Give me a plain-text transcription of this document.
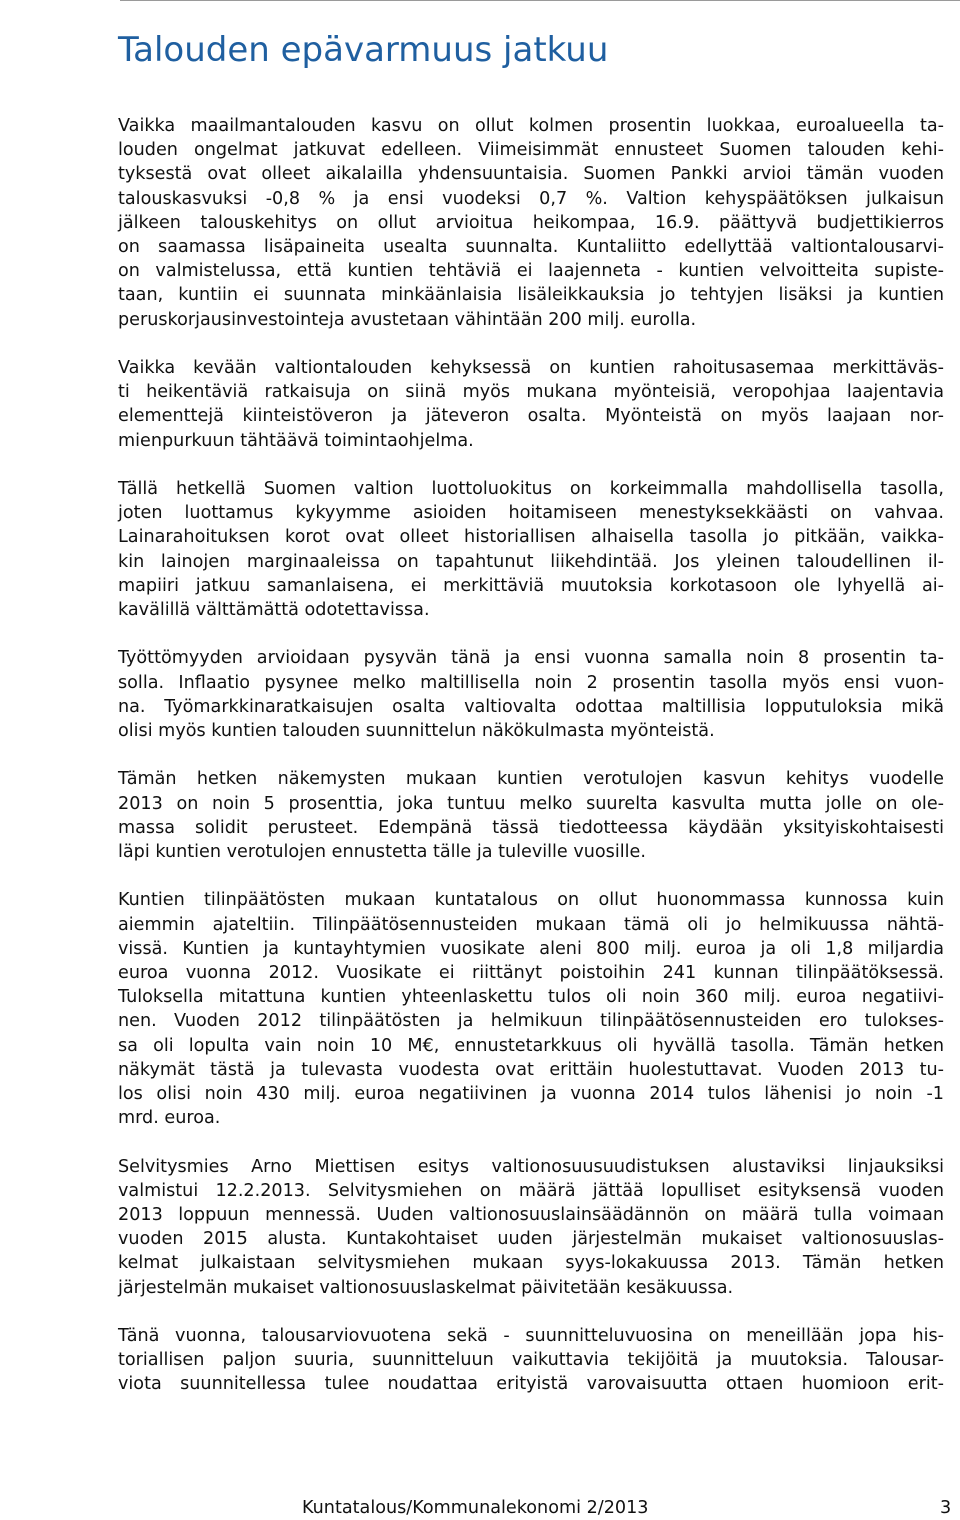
Talouden epävarmuus jatkuu

Vaikka maailmantalouden kasvu on ollut kolmen prosentin luokkaa, euroalueella ta-
louden ongelmat jatkuvat edelleen. Viimeisimmät ennusteet Suomen talouden kehi-
tyksestä ovat olleet aikalailla yhdensuuntaisia. Suomen Pankki arvioi tämän vuoden
talouskasvuksi -0,8 % ja ensi vuodeksi 0,7 %. Valtion kehyspäätöksen julkaisun
jälkeen talouskehitys on ollut arvioitua heikompaa, 16.9. päättyvä budjettikierros
on saamassa lisäpaineita usealta suunnalta. Kuntaliitto edellyttää valtiontalousarvi-
on valmistelussa, että kuntien tehtäviä ei laajenneta - kuntien velvoitteita supiste-
taan, kuntiin ei suunnata minkäänlaisia lisäleikkauksia jo tehtyjen lisäksi ja kuntien
peruskorjausinvestointeja avustetaan vähintään 200 milj. eurolla.

Vaikka kevään valtiontalouden kehyksessä on kuntien rahoitusasemaa merkittäväs-
ti heikentäviä ratkaisuja on siinä myös mukana myönteisiä, veropohjaa laajentavia
elementtejä kiinteistöveron ja jäteveron osalta. Myönteistä on myös laajaan nor-
mienpurkuun tähtäävä toimintaohjelma.

Tällä hetkellä Suomen valtion luottoluokitus on korkeimmalla mahdollisella tasolla,
joten luottamus kykyymme asioiden hoitamiseen menestyksekkäästi on vahvaa.
Lainarahoituksen korot ovat olleet historiallisen alhaisella tasolla jo pitkään, vaikka-
kin lainojen marginaaleissa on tapahtunut liikehdintää. Jos yleinen taloudellinen il-
mapiiri jatkuu samanlaisena, ei merkittäviä muutoksia korkotasoon ole lyhyellä ai-
kavälillä välttämättä odotettavissa.

Työttömyyden arvioidaan pysyvän tänä ja ensi vuonna samalla noin 8 prosentin ta-
solla. Inflaatio pysynee melko maltillisella noin 2 prosentin tasolla myös ensi vuon-
na. Työmarkkinaratkaisujen osalta valtiovalta odottaa maltillisia lopputuloksia mikä
olisi myös kuntien talouden suunnittelun näkökulmasta myönteistä.

Tämän hetken näkemysten mukaan kuntien verotulojen kasvun kehitys vuodelle
2013 on noin 5 prosenttia, joka tuntuu melko suurelta kasvulta mutta jolle on ole-
massa solidit perusteet. Edempänä tässä tiedotteessa käydään yksityiskohtaisesti
läpi kuntien verotulojen ennustetta tälle ja tuleville vuosille.

Kuntien tilinpäätösten mukaan kuntatalous on ollut huonommassa kunnossa kuin
aiemmin ajateltiin. Tilinpäätösennusteiden mukaan tämä oli jo helmikuussa nähtä-
vissä. Kuntien ja kuntayhtymien vuosikate aleni 800 milj. euroa ja oli 1,8 miljardia
euroa vuonna 2012. Vuosikate ei riittänyt poistoihin 241 kunnan tilinpäätöksessä.
Tuloksella mitattuna kuntien yhteenlaskettu tulos oli noin 360 milj. euroa negatiivi-
nen. Vuoden 2012 tilinpäätösten ja helmikuun tilinpäätösennusteiden ero tulokses-
sa oli lopulta vain noin 10 M€, ennustetarkkuus oli hyvällä tasolla. Tämän hetken
näkymät tästä ja tulevasta vuodesta ovat erittäin huolestuttavat. Vuoden 2013 tu-
los olisi noin 430 milj. euroa negatiivinen ja vuonna 2014 tulos lähenisi jo noin -1
mrd. euroa.

Selvitysmies Arno Miettisen esitys valtionosuusuudistuksen alustaviksi linjauksiksi
valmistui 12.2.2013. Selvitysmiehen on määrä jättää lopulliset esityksensä vuoden
2013 loppuun mennessä. Uuden valtionosuuslainsäädännön on määrä tulla voimaan
vuoden 2015 alusta. Kuntakohtaiset uuden järjestelmän mukaiset valtionosuuslas-
kelmat julkaistaan selvitysmiehen mukaan syys-lokakuussa 2013. Tämän hetken
järjestelmän mukaiset valtionosuuslaskelmat päivitetään kesäkuussa.

Tänä vuonna, talousarviovuotena sekä - suunnitteluvuosina on meneillään jopa his-
toriallisen paljon suuria, suunnitteluun vaikuttavia tekijöitä ja muutoksia. Talousar-
viota suunnitellessa tulee noudattaa erityistä varovaisuutta ottaen huomioon erit-

Kuntatalous/Kommunalekonomi 2/2013	3
